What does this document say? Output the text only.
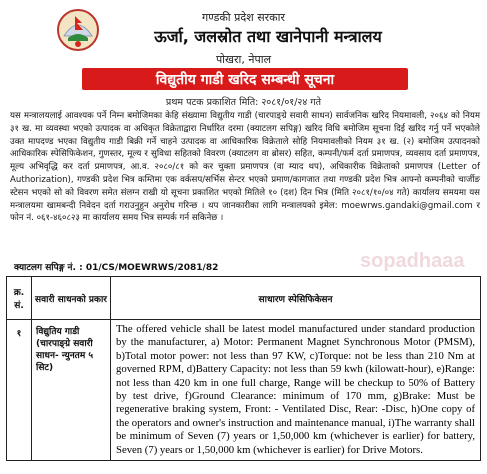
गण्डकी प्रदेश सरकार
ऊर्जा, जलस्रोत तथा खानेपानी मन्त्रालय
पोखरा, नेपाल
विद्युतीय गाडी खरिद सम्बन्धी सूचना
प्रथम पटक प्रकाशित मिति: २०८१/०१/२४ गते
यस मन्त्रालयलाई आवश्यक पर्ने निम्न बमोजिमका केहि संख्यामा विद्युतीय गाडी (चारपाङ्ग्रे सवारी साधन) सार्वजनिक खरिद नियमावली, २०६४ को नियम ३१ ख. मा व्यवस्था भएको उत्पादक वा अधिकृत विक्रेताद्वारा निर्धारित दरमा (क्याटलग सपिङ्ग) खरिद विधि बमोजिम सूचना दिई खरिद गर्नु पर्ने भएकोले उक्त मापदण्ड भएका विद्युतीय गाडी बिक्री गर्ने चाहने उत्पादक वा आधिकारिक विक्रेताले सोहि नियमावलीको नियम ३१ ख. (२) बमोजिम उत्पादनको आधिकारिक स्पेसिफिकेशन, गुणस्तर, मूल्य र सुविधा सहितको विवरण (क्याटलग वा ब्रोसर) सहित, कम्पनी/फर्म दर्ता प्रमाणपत्र, व्यवसाय दर्ता प्रमाणपत्र, मूल्य अभिवृद्धि कर दर्ता प्रमाणपत्र, आ.व. २०८०/८१ को कर चुक्ता प्रमाणपत्र (वा म्याद थप), अधिकारीक विक्रेताको प्रमाणपत्र (Letter of Authorization), गण्डकी प्रदेश भित्र कम्तिमा एक वर्कसप/सर्भिस सेन्टर भएको प्रमाण/कागजात तथा गण्डकी प्रदेश भित्र आफ्नो कम्पनीको चार्जीङ स्टेसन भएको सो को विवरण समेत संलग्न राखी यो सूचना प्रकाशित भएको मितिले १० (दश) दिन भित्र (मिति २०८१/१०/०४ गते) कार्यालय समयमा यस मन्त्रालयमा खामबन्दी निवेदन दर्ता गराउनुहुन अनुरोध गरिन्छ । थप जानकारीका लागि मन्त्रालयको इमेल: moewrws.gandaki@gmail.com र फोन नं. ०६१-४६०८२३ मा कार्यालय समय भित्र सम्पर्क गर्न सकिनेछ ।
sopadhaaa
क्याटलग सपिङ्ग नं. : 01/CS/MOEWRWS/2081/82
क्र. सं.	सवारी साधनको प्रकार	साधारण स्पेसिफिकेसन
१	विद्युतिय गाडी (चारपाङ्ग्रे सवारी साधन- न्युनतम ५ सिट)	The offered vehicle shall be latest model manufactured under standard production by the manufacturer, a) Motor: Permanent Magnet Synchronous Motor (PMSM), b)Total motor power: not less than 97 KW, c)Torque: not be less than 210 Nm at governed RPM, d)Battery Capacity: not less than 59 kwh (kilowatt-hour), e)Range: not less than 420 km in one full charge, Range will be checkup to 50% of Battery by test drive, f)Ground Clearance: minimum of 170 mm, g)Brake: Must be regenerative braking system, Front: - Ventilated Disc, Rear: -Disc, h)One copy of the operators and owner's instruction and maintenance manual, i)The warranty shall be minimum of Seven (7) years or 1,50,000 km (whichever is earlier) for battery, Seven (7) years or 1,50,000 km (whichever is earlier) for Drive Motors.
